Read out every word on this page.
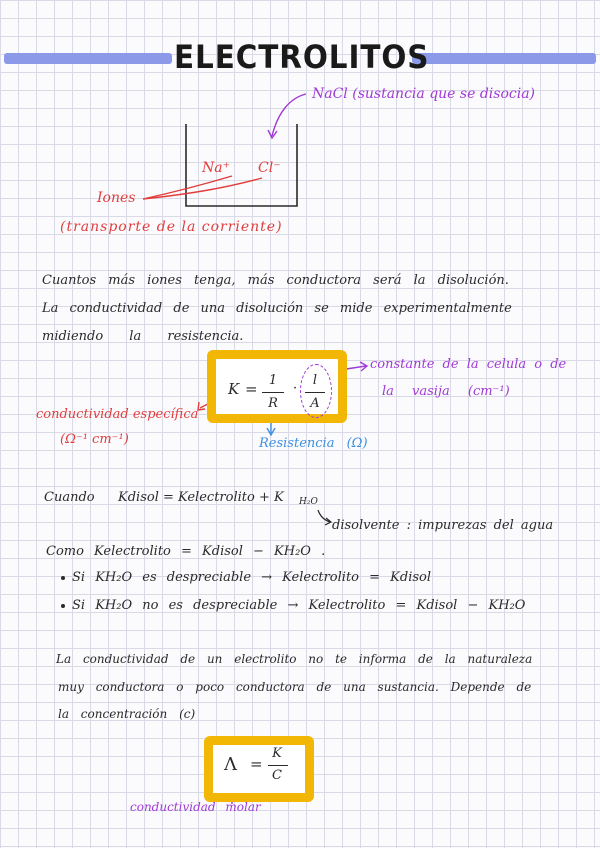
ELECTROLITOS
NaCl (sustancia que se disocia)
Na⁺ Cl⁻
Iones
(transporte de la corriente)
Cuantos más iones tenga, más conductora será la disolución.
La conductividad de una disolución se mide experimentalmente
midiendo la resistencia.
K = 1
R
·
l
A
constante de la celula o de
la vasija (cm⁻¹)
conductividad específica
(Ω⁻¹ cm⁻¹)	Resistencia (Ω)
Cuando Kdisol = Kelectrolito + K H₂O
disolvente : impurezas del agua
Como Kelectrolito = Kdisol − KH₂O .
Si KH₂O es despreciable → Kelectrolito = Kdisol
Si KH₂O no es despreciable → Kelectrolito = Kdisol − KH₂O
La conductividad de un electrolito no te informa de la naturaleza
muy conductora o poco conductora de una sustancia. Depende de
la concentración (c)
Λ =
K
C
conductividad molar
